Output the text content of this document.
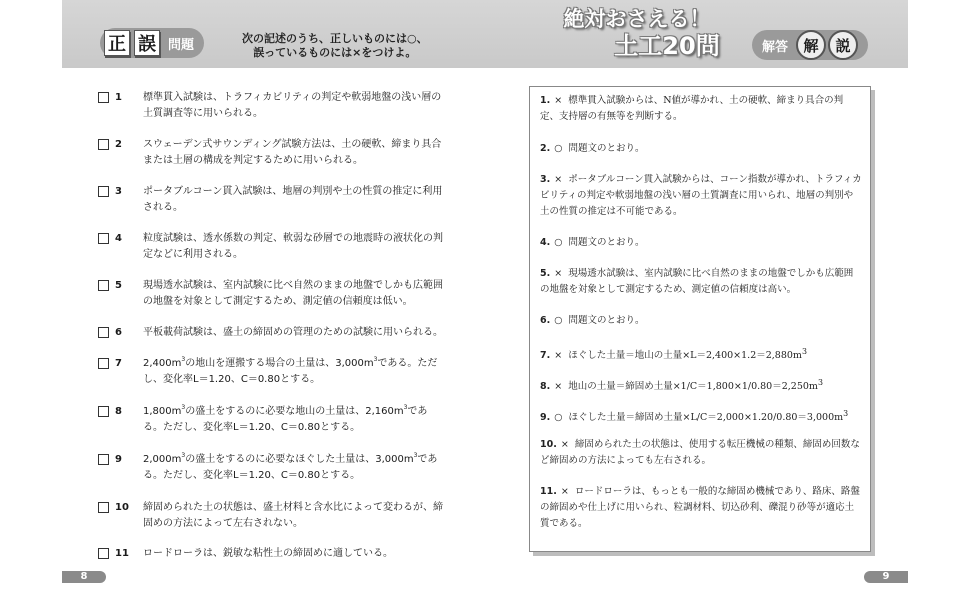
正 誤 問題	次の記述のうち、正しいものには○、
誤っているものには×をつけよ。
絶対おさえる！
土工20問	解答	解	説
1	標準貫入試験は、トラフィカビリティの判定や軟弱地盤の浅い層の土質調査等に用いられる。
2	スウェーデン式サウンディング試験方法は、土の硬軟、締まり具合または土層の構成を判定するために用いられる。
3	ポータブルコーン貫入試験は、地層の判別や土の性質の推定に利用される。
4	粒度試験は、透水係数の判定、軟弱な砂層での地震時の液状化の判定などに利用される。
5	現場透水試験は、室内試験に比べ自然のままの地盤でしかも広範囲の地盤を対象として測定するため、測定値の信頼度は低い。
6	平板載荷試験は、盛土の締固めの管理のための試験に用いられる。
7	$2,400m^3$の地山を運搬する場合の土量は、$3,000m^3$である。ただし、変化率L＝1.20、C＝0.80とする。
8	$1,800m^3$の盛土をするのに必要な地山の土量は、$2,160m^3$である。ただし、変化率L＝1.20、C＝0.80とする。
9	$2,000m^3$の盛土をするのに必要なほぐした土量は、$3,000m^3$である。ただし、変化率L＝1.20、C＝0.80とする。
10	締固められた土の状態は、盛土材料と含水比によって変わるが、締固めの方法によって左右されない。
11	ロードローラは、鋭敏な粘性土の締固めに適している。
1. × 標準貫入試験からは、N値が導かれ、土の硬軟、締まり具合の判定、支持層の有無等を判断する。
2. ○ 問題文のとおり。
3. × ポータブルコーン貫入試験からは、コーン指数が導かれ、トラフィカビリティの判定や軟弱地盤の浅い層の土質調査に用いられ、地層の判別や土の性質の推定は不可能である。
4. ○ 問題文のとおり。
5. × 現場透水試験は、室内試験に比べ自然のままの地盤でしかも広範囲の地盤を対象として測定するため、測定値の信頼度は高い。
6. ○ 問題文のとおり。
7. × ほぐした土量＝地山の土量$\times L=2,400\times 1.2=2,880m^3$
8. × 地山の土量＝締固め土量$\times 1/C=1,800\times 1/0.80=2,250m^3$
9. ○ ほぐした土量＝締固め土量$\times L/C=2,000\times 1.20/0.80=3,000m^3$
10. × 締固められた土の状態は、使用する転圧機械の種類、締固め回数など締固めの方法によっても左右される。
11. × ロードローラは、もっとも一般的な締固め機械であり、路床、路盤の締固めや仕上げに用いられ、粒調材料、切込砂利、礫混り砂等が適応土質である。
8	9
